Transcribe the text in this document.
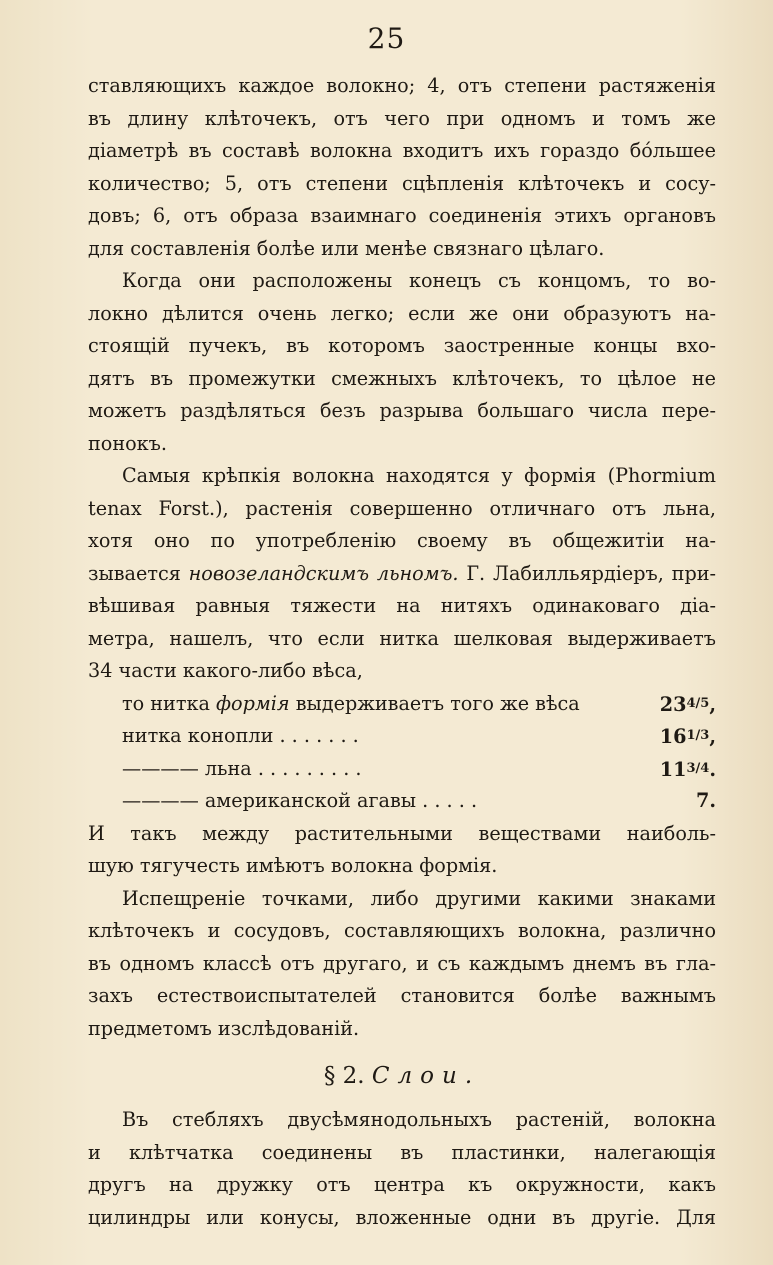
25
ставляющихъ каждое волокно; 4, отъ степени растяженія
въ длину клѣточекъ, отъ чего при одномъ и томъ же
діаметрѣ въ составѣ волокна входитъ ихъ гораздо бо́льшее
количество; 5, отъ степени сцѣпленія клѣточекъ и сосу-
довъ; 6, отъ образа взаимнаго соединенія этихъ органовъ
для составленія болѣе или менѣе связнаго цѣлаго.
Когда они расположены конецъ съ концомъ, то во-
локно дѣлится очень легко; если же они образуютъ на-
стоящій пучекъ, въ которомъ заостренные концы вхо-
дятъ въ промежутки смежныхъ клѣточекъ, то цѣлое не
можетъ раздѣляться безъ разрыва большаго числа пере-
понокъ.
Самыя крѣпкія волокна находятся у формія (Phormium
tenax Forst.), растенія совершенно отличнаго отъ льна,
хотя оно по употребленію своему въ общежитіи на-
зывается новозеландскимъ льномъ. Г. Лабилльярдіеръ, при-
вѣшивая равныя тяжести на нитяхъ одинаковаго діа-
метра, нашелъ, что если нитка шелковая выдерживаетъ
34 части какого-либо вѣса,
то нитка формія выдерживаетъ того же вѣса	$23^{4/5}$,
нитка конопли . . . . . . .	$16^{1/3}$,
———— льна . . . . . . . . .	$11^{3/4}$.
———— американской агавы . . . . .	7.
И такъ между растительными веществами наиболь-
шую тягучесть имѣютъ волокна формія.
Испещреніе точками, либо другими какими знаками
клѣточекъ и сосудовъ, составляющихъ волокна, различно
въ одномъ классѣ отъ другаго, и съ каждымъ днемъ въ гла-
захъ естествоиспытателей становится болѣе важнымъ
предметомъ изслѣдованій.
§ 2. Слои.
Въ стебляхъ двусѣмянодольныхъ растеній, волокна
и клѣтчатка соединены въ пластинки, налегающія
другъ на дружку отъ центра къ окружности, какъ
цилиндры или конусы, вложенные одни въ другіе. Для
